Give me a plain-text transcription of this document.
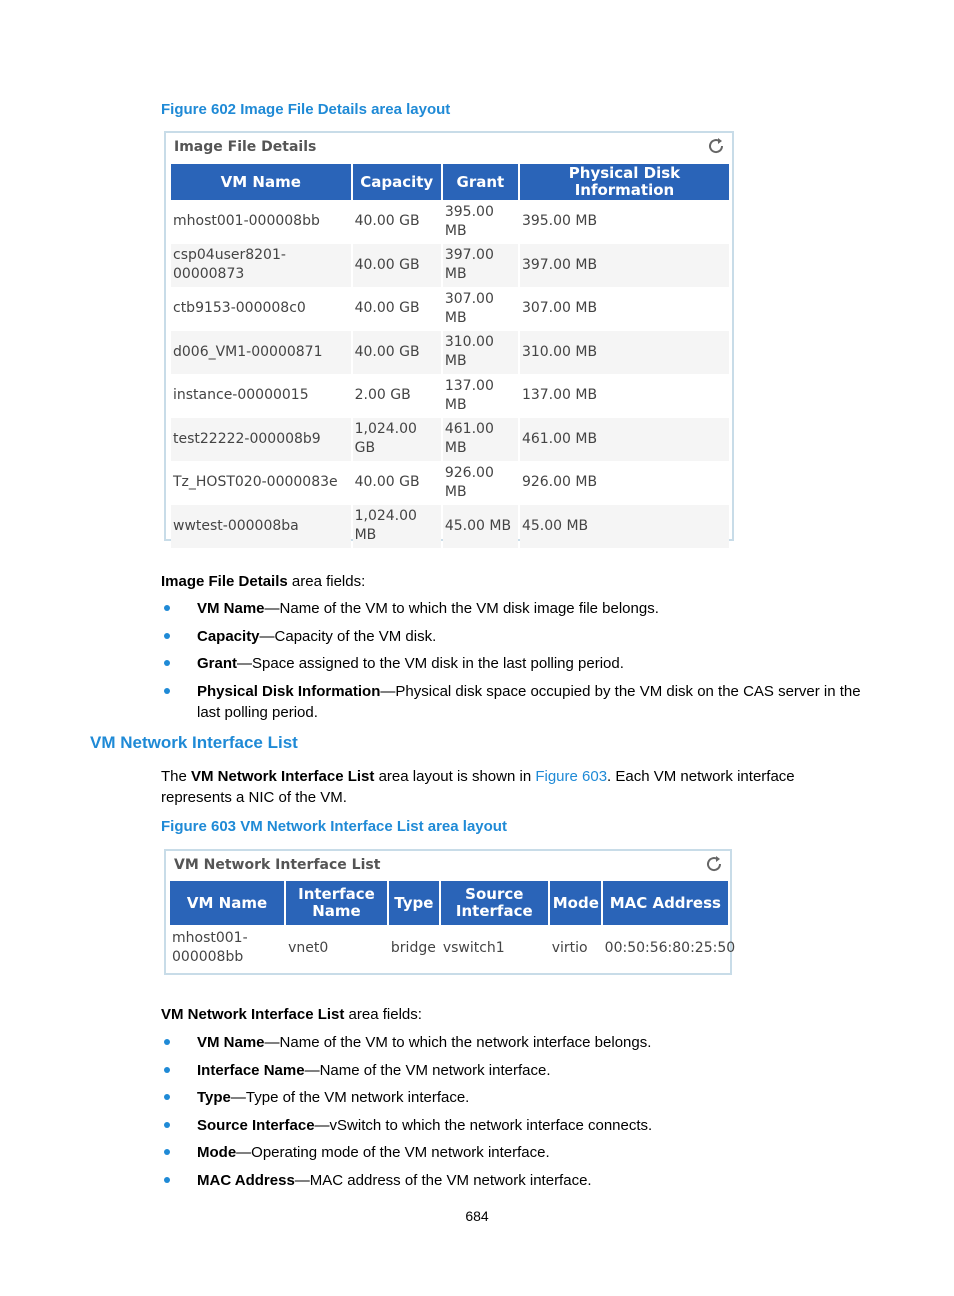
Figure 602 Image File Details area layout
Image File Details
VM Name	Capacity	Grant	Physical Disk Information
mhost001-000008bb	40.00 GB	395.00 MB	395.00 MB
csp04user8201-00000873	40.00 GB	397.00 MB	397.00 MB
ctb9153-000008c0	40.00 GB	307.00 MB	307.00 MB
d006_VM1-00000871	40.00 GB	310.00 MB	310.00 MB
instance-00000015	2.00 GB	137.00 MB	137.00 MB
test22222-000008b9	1,024.00 GB	461.00 MB	461.00 MB
Tz_HOST020-0000083e	40.00 GB	926.00 MB	926.00 MB
wwtest-000008ba	1,024.00 MB	45.00 MB	45.00 MB
Image File Details area fields:
VM Name—Name of the VM to which the VM disk image file belongs.
Capacity—Capacity of the VM disk.
Grant—Space assigned to the VM disk in the last polling period.
Physical Disk Information—Physical disk space occupied by the VM disk on the CAS server in the last polling period.
VM Network Interface List
The VM Network Interface List area layout is shown in Figure 603. Each VM network interface represents a NIC of the VM.
Figure 603 VM Network Interface List area layout
VM Network Interface List
VM Name	Interface Name	Type	Source Interface	Mode	MAC Address
mhost001-000008bb	vnet0	bridge	vswitch1	virtio	00:50:56:80:25:50
VM Network Interface List area fields:
VM Name—Name of the VM to which the network interface belongs.
Interface Name—Name of the VM network interface.
Type—Type of the VM network interface.
Source Interface—vSwitch to which the network interface connects.
Mode—Operating mode of the VM network interface.
MAC Address—MAC address of the VM network interface.
684
